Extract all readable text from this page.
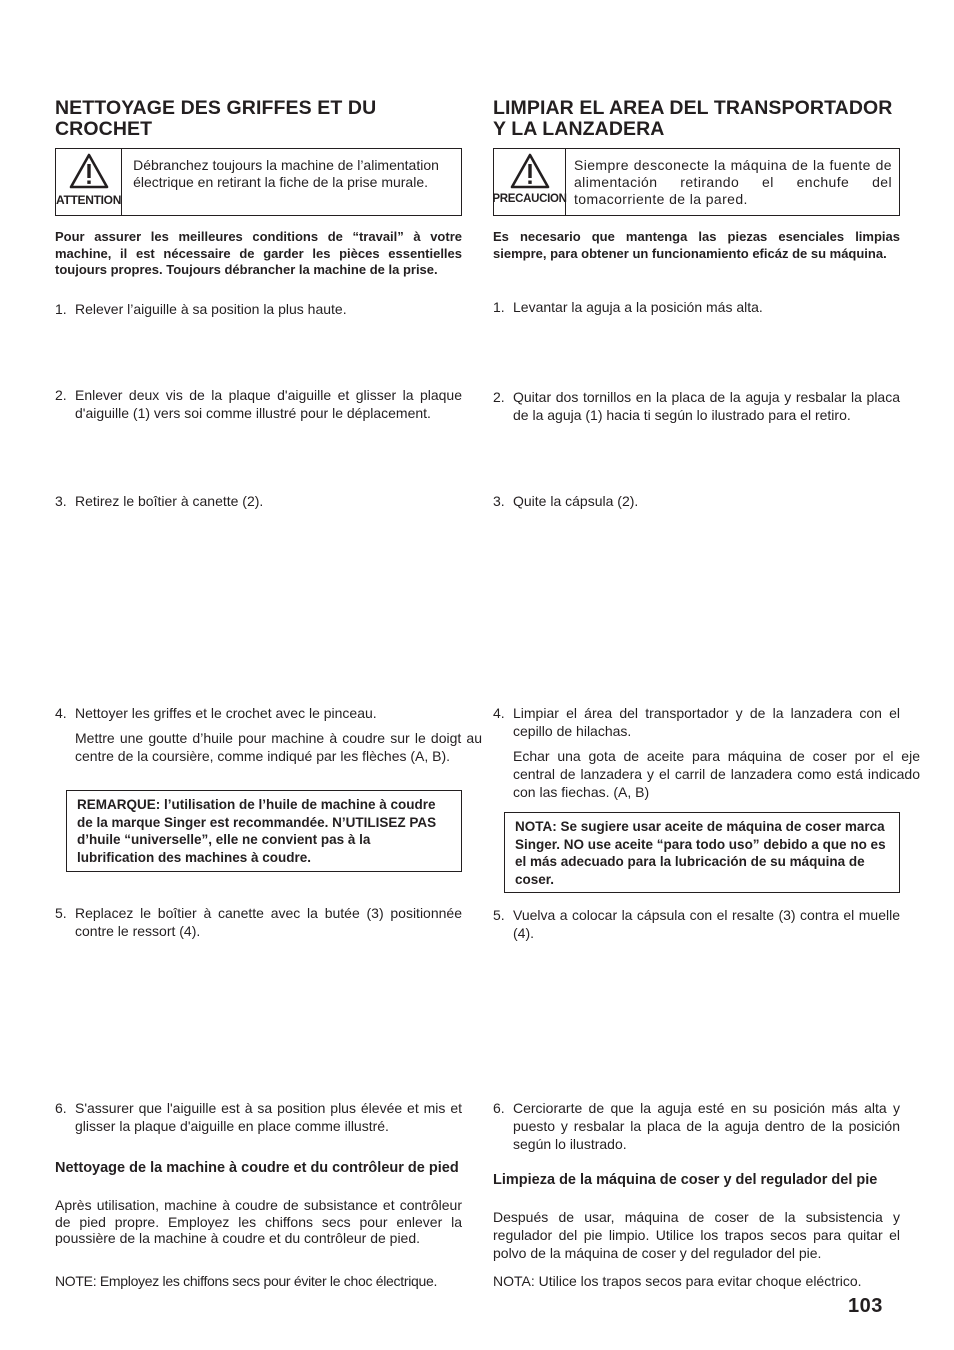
NETTOYAGE DES GRIFFES ET DU CROCHET
ATTENTION
Débranchez toujours la machine de l’alimentation électrique en retirant la fiche de la prise murale.
Pour assurer les meilleures conditions de “travail” à votre machine, il est nécessaire de garder les pièces essentielles toujours propres. Toujours débrancher la machine de la prise.
1. Relever l’aiguille à sa position la plus haute.
2. Enlever deux vis de la plaque d'aiguille et glisser la plaque d'aiguille (1) vers soi comme illustré pour le déplacement.
3. Retirez le boîtier à canette (2).
4. Nettoyer les griffes et le crochet avec le pinceau.
Mettre une goutte d’huile pour machine à coudre sur le doigt au centre de la coursière, comme indiqué par les flèches (A, B).
REMARQUE: l’utilisation de l’huile de machine à coudre de la marque Singer est recommandée. N’UTILISEZ PAS d’huile “universelle”, elle ne convient pas à la lubrification des machines à coudre.
5. Replacez le boîtier à canette avec la butée (3) positionnée contre le ressort (4).
6. S'assurer que l'aiguille est à sa position plus élevée et mis et glisser la plaque d'aiguille en place comme illustré.
Nettoyage de la machine à coudre et du contrôleur de pied
Après utilisation, machine à coudre de subsistance et contrôleur de pied propre. Employez les chiffons secs pour enlever la poussière de la machine à coudre et du contrôleur de pied.
NOTE: Employez les chiffons secs pour éviter le choc électrique.
LIMPIAR EL AREA DEL TRANSPORTADOR Y LA LANZADERA
PRECAUCION
Siempre desconecte la máquina de la fuente de alimentación retirando el enchufe del tomacorriente de la pared.
Es necesario que mantenga las piezas esenciales limpias siempre, para obtener un funcionamiento eficáz de su máquina.
1. Levantar la aguja a la posición más alta.
2. Quitar dos tornillos en la placa de la aguja y resbalar la placa de la aguja (1) hacia ti según lo ilustrado para el retiro.
3. Quite la cápsula (2).
4. Limpiar el área del transportador y de la lanzadera con el cepillo de hilachas.
Echar una gota de aceite para máquina de coser por el eje central de lanzadera y el carril de lanzadera como está indicado con las fiechas. (A, B)
NOTA: Se sugiere usar aceite de máquina de coser marca Singer. NO use aceite “para todo uso” debido a que no es el más adecuado para la lubricación de su máquina de coser.
5. Vuelva a colocar la cápsula con el resalte (3) contra el muelle (4).
6. Cerciorarte de que la aguja esté en su posición más alta y puesto y resbalar la placa de la aguja dentro de la posición según lo ilustrado.
Limpieza de la máquina de coser y del regulador del pie
Después de usar, máquina de coser de la subsistencia y regulador del pie limpio. Utilice los trapos secos para quitar el polvo de la máquina de coser y del regulador del pie.
NOTA: Utilice los trapos secos para evitar choque eléctrico.
103
